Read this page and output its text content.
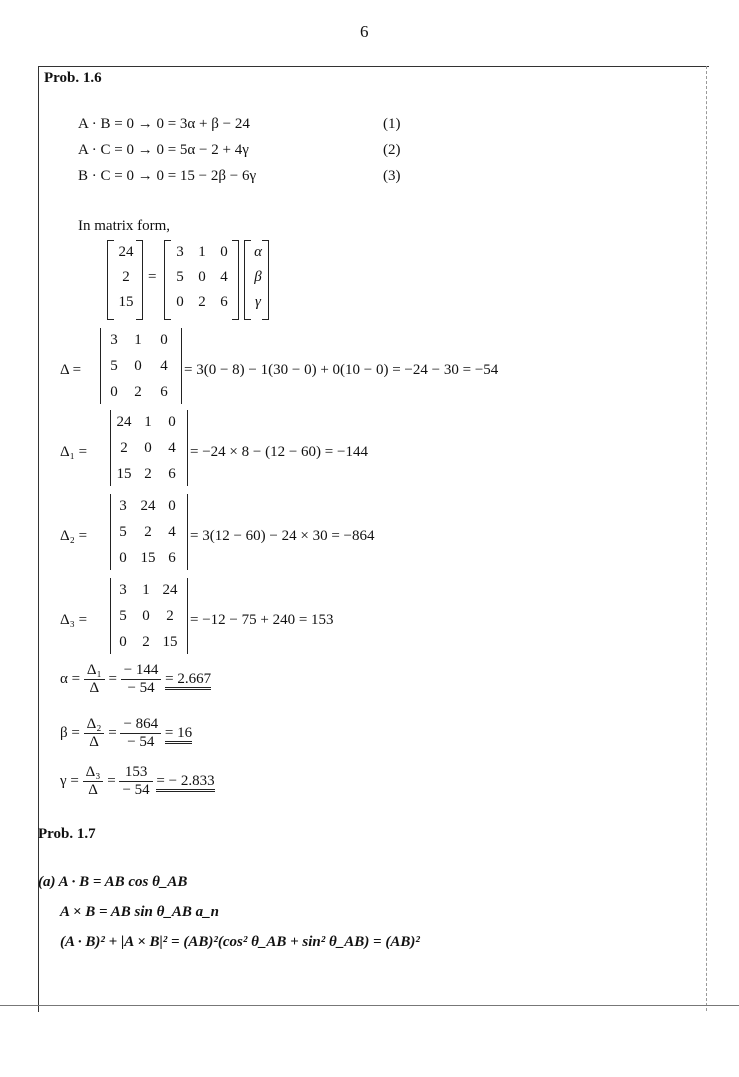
6
Prob. 1.6
A · B = 0 → 0 = 3α + β − 24	(1)
A · C = 0 → 0 = 5α − 2 + 4γ	(2)
B · C = 0 → 0 = 15 − 2β − 6γ	(3)
In matrix form,
24
2
15
=
3 1 0
5 0 4
0 2 6
α
β
γ
Δ =
3	1	0
5	0	4
0	2	6
= 3(0 − 8) − 1(30 − 0) + 0(10 − 0) = −24 − 30 = −54
Δ₁ =
24 1	0
2	0	4
15 2	6
= −24 × 8 − (12 − 60) = −144
Δ₂ =
3 24 0
5	2	4
0 15 6
= 3(12 − 60) − 24 × 30 = −864
Δ₃ =
3	1 24
5	0	2
0	2 15
= −12 − 75 + 240 = 153
$\alpha = \frac{\text{Δ₁}}{\Delta} = \frac{- 144}{- 54} = 2.667$
$\beta = \frac{\text{Δ₂}}{\Delta} = \frac{- 864}{- 54} = 16$
$\gamma = \frac{\text{Δ₃}}{\Delta} = \frac{153}{- 54}$ = − 2.833
Prob. 1.7
(a) A · B = AB cos θ_AB
A × B = AB sin θ_AB a_n
(A · B)² + |A × B|² = (AB)²(cos² θ_AB + sin² θ_AB) = (AB)²
